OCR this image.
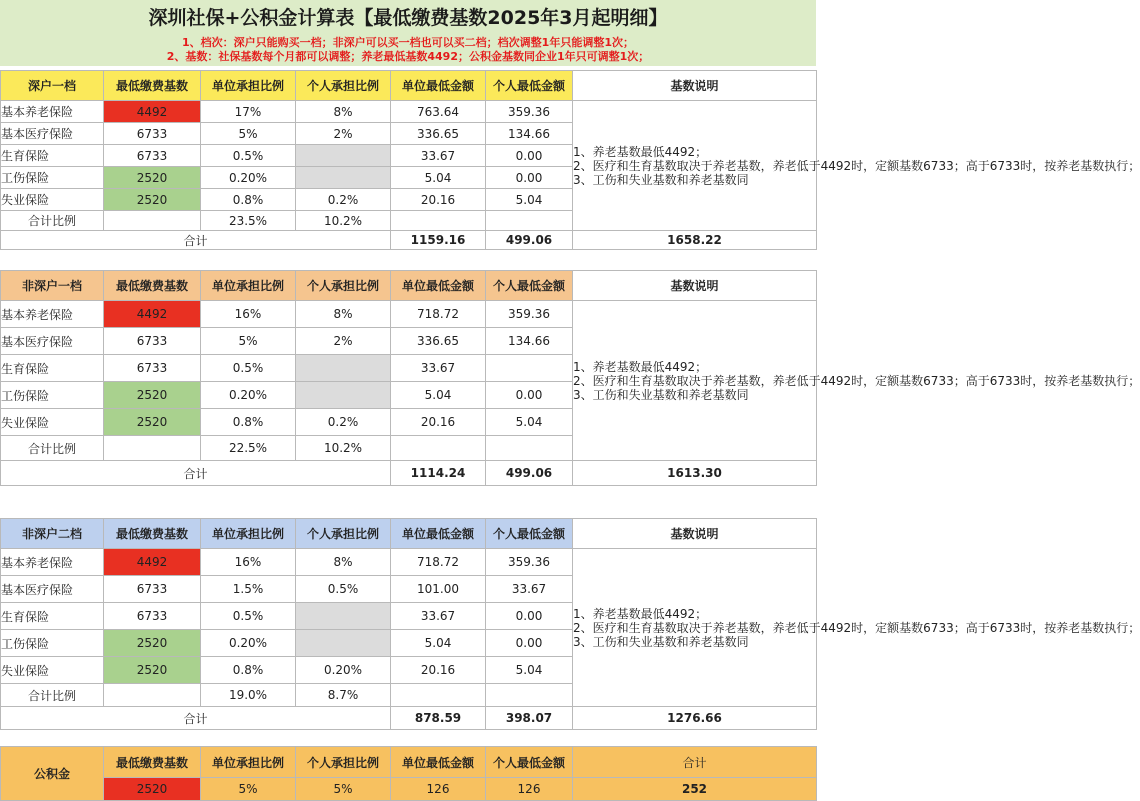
深圳社保+公积金计算表【最低缴费基数2025年3月起明细】
1、档次：深户只能购买一档；非深户可以买一档也可以买二档；档次调整1年只能调整1次；
2、基数：社保基数每个月都可以调整；养老最低基数4492；公积金基数同企业1年只可调整1次；
深户一档	最低缴费基数	单位承担比例	个人承担比例	单位最低金额	个人最低金额	基数说明
基本养老保险	4492	17%	8%	763.64	359.36	1、养老基数最低4492；
2、医疗和生育基数取决于养老基数，养老低于4492时，定额基数6733；高于6733时，按养老基数执行；
3、工伤和失业基数和养老基数同

基本医疗保险	6733	5%	2%	336.65	134.66	
生育保险	6733	0.5%		33.67	0.00	
工伤保险	2520	0.20%		5.04	0.00	
失业保险	2520	0.8%	0.2%	20.16	5.04	
合计比例		23.5%	10.2%			
合计				1159.16	499.06	1658.22
非深户一档	最低缴费基数	单位承担比例	个人承担比例	单位最低金额	个人最低金额	基数说明
基本养老保险	4492	16%	8%	718.72	359.36	1、养老基数最低4492；
2、医疗和生育基数取决于养老基数，养老低于4492时，定额基数6733；高于6733时，按养老基数执行；
3、工伤和失业基数和养老基数同

基本医疗保险	6733	5%	2%	336.65	134.66	
生育保险	6733	0.5%		33.67		
工伤保险	2520	0.20%		5.04	0.00	
失业保险	2520	0.8%	0.2%	20.16	5.04	
合计比例		22.5%	10.2%			
合计				1114.24	499.06	1613.30
非深户二档	最低缴费基数	单位承担比例	个人承担比例	单位最低金额	个人最低金额	基数说明
基本养老保险	4492	16%	8%	718.72	359.36	1、养老基数最低4492；
2、医疗和生育基数取决于养老基数，养老低于4492时，定额基数6733；高于6733时，按养老基数执行；
3、工伤和失业基数和养老基数同

基本医疗保险	6733	1.5%	0.5%	101.00	33.67	
生育保险	6733	0.5%		33.67	0.00	
工伤保险	2520	0.20%		5.04	0.00	
失业保险	2520	0.8%	0.20%	20.16	5.04	
合计比例		19.0%	8.7%			
合计				878.59	398.07	1276.66
公积金	最低缴费基数	单位承担比例	个人承担比例	单位最低金额	个人最低金额	合计
	2520	5%	5%	126	126	252
